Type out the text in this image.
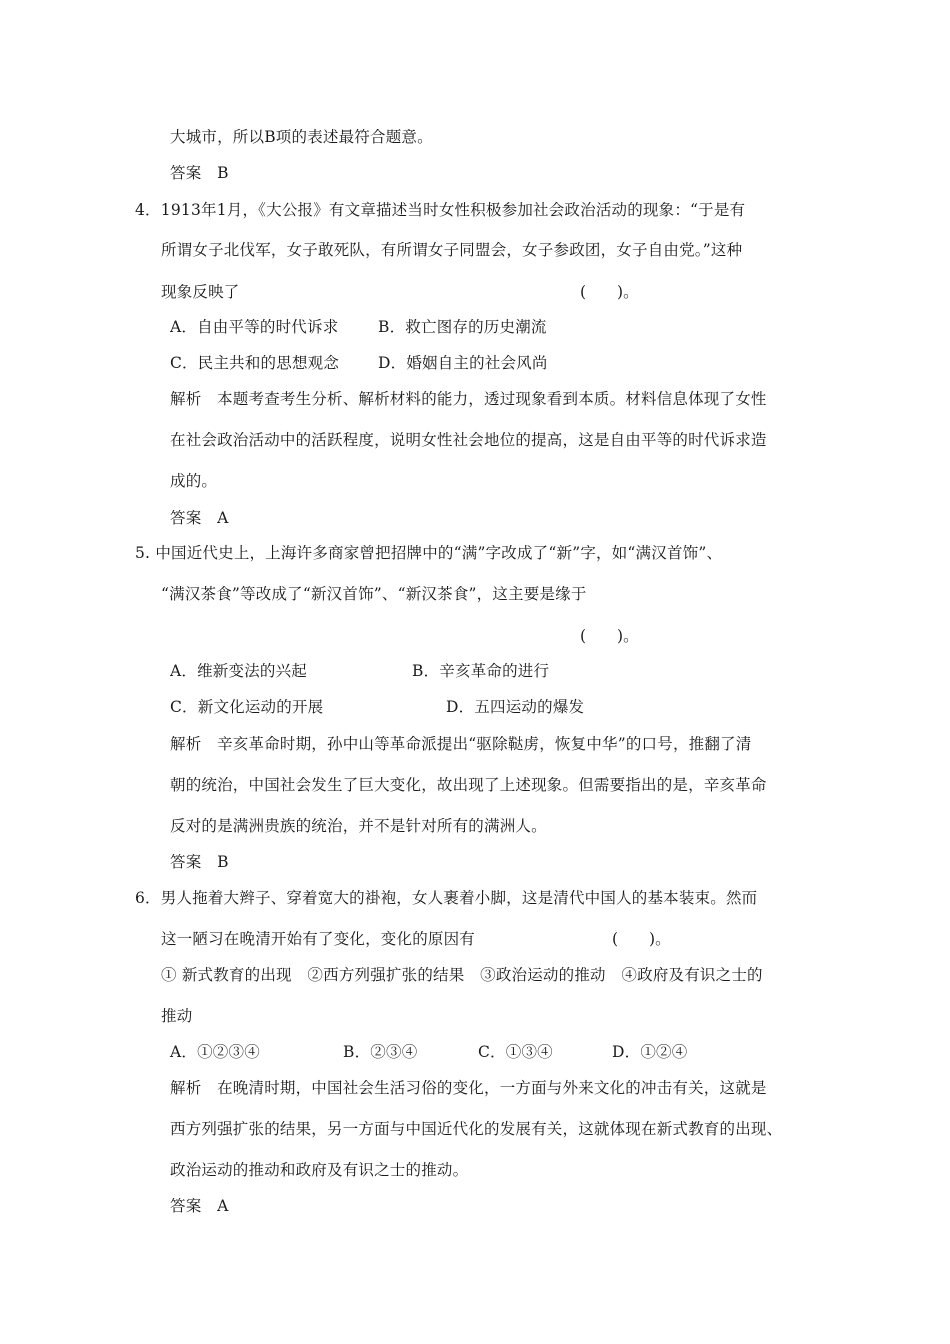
大城市，所以B项的表述最符合题意。
答案　B
4．1913年1月，《大公报》有文章描述当时女性积极参加社会政治活动的现象：“于是有
所谓女子北伐军，女子敢死队，有所谓女子同盟会，女子参政团，女子自由党。”这种
现象反映了	(　　)。
A．自由平等的时代诉求	B．救亡图存的历史潮流
C．民主共和的思想观念	D．婚姻自主的社会风尚
解析　本题考查考生分析、解析材料的能力，透过现象看到本质。材料信息体现了女性
在社会政治活动中的活跃程度，说明女性社会地位的提高，这是自由平等的时代诉求造
成的。
答案　A
5. 中国近代史上，上海许多商家曾把招牌中的“满”字改成了“新”字，如“满汉首饰”、
“满汉茶食”等改成了“新汉首饰”、“新汉茶食”，这主要是缘于
(　　)。
A．维新变法的兴起	B．辛亥革命的进行
C．新文化运动的开展	D．五四运动的爆发
解析　辛亥革命时期，孙中山等革命派提出“驱除鞑虏，恢复中华”的口号，推翻了清
朝的统治，中国社会发生了巨大变化，故出现了上述现象。但需要指出的是，辛亥革命
反对的是满洲贵族的统治，并不是针对所有的满洲人。
答案　B
6．男人拖着大辫子、穿着宽大的褂袍，女人裹着小脚，这是清代中国人的基本装束。然而
这一陋习在晚清开始有了变化，变化的原因有	(　　)。
① 新式教育的出现　②西方列强扩张的结果　③政治运动的推动　④政府及有识之士的
推动
A．①②③④	B．②③④	C．①③④	D．①②④
解析　在晚清时期，中国社会生活习俗的变化，一方面与外来文化的冲击有关，这就是
西方列强扩张的结果，另一方面与中国近代化的发展有关，这就体现在新式教育的出现、
政治运动的推动和政府及有识之士的推动。
答案　A
